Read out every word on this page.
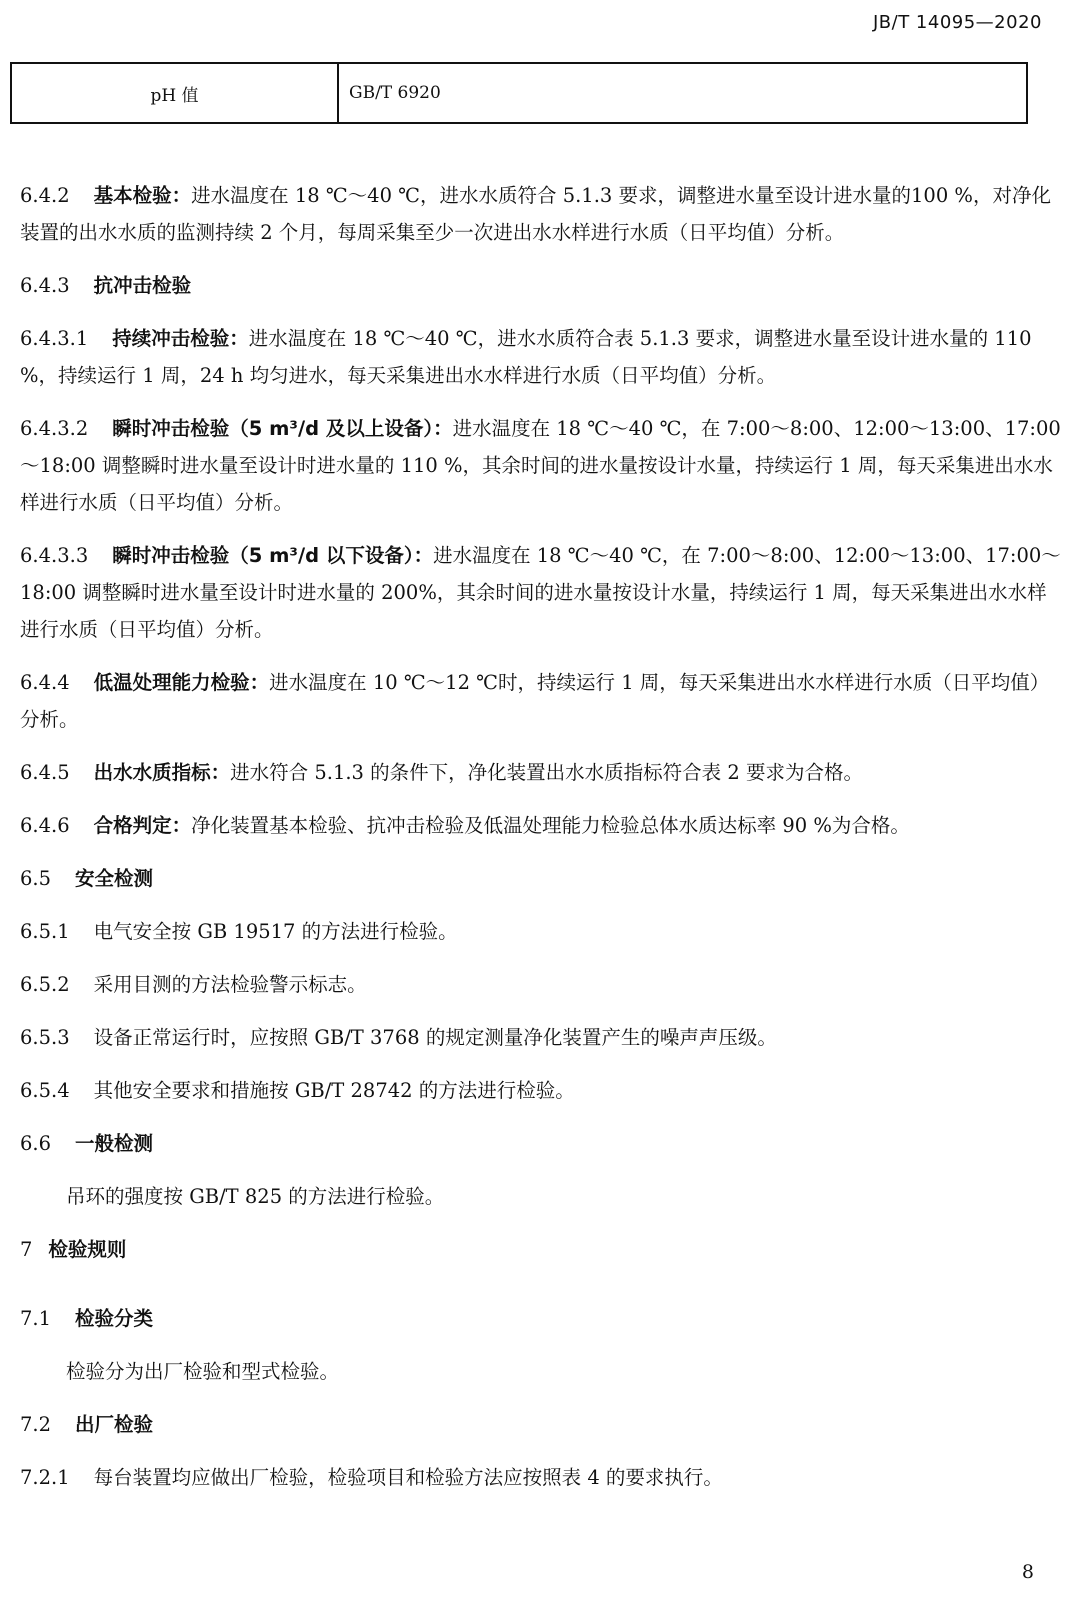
JB/T 14095—2020
pH 值	GB/T 6920

6.4.2 基本检验：进水温度在 18 ℃～40 ℃，进水水质符合 5.1.3 要求，调整进水量至设计进水量的100 %，对净化装置的出水水质的监测持续 2 个月，每周采集至少一次进出水水样进行水质（日平均值）分析。

6.4.3 抗冲击检验

6.4.3.1 持续冲击检验：进水温度在 18 ℃～40 ℃，进水水质符合表 5.1.3 要求，调整进水量至设计进水量的 110 %，持续运行 1 周，24 h 均匀进水，每天采集进出水水样进行水质（日平均值）分析。

6.4.3.2 瞬时冲击检验（5 m³/d 及以上设备）：进水温度在 18 ℃～40 ℃，在 7:00～8:00、12:00～13:00、17:00～18:00 调整瞬时进水量至设计时进水量的 110 %，其余时间的进水量按设计水量，持续运行 1 周，每天采集进出水水样进行水质（日平均值）分析。

6.4.3.3 瞬时冲击检验（5 m³/d 以下设备）：进水温度在 18 ℃～40 ℃，在 7:00～8:00、12:00～13:00、17:00～18:00 调整瞬时进水量至设计时进水量的 200%，其余时间的进水量按设计水量，持续运行 1 周，每天采集进出水水样进行水质（日平均值）分析。

6.4.4 低温处理能力检验：进水温度在 10 ℃～12 ℃时，持续运行 1 周，每天采集进出水水样进行水质（日平均值）分析。

6.4.5 出水水质指标：进水符合 5.1.3 的条件下，净化装置出水水质指标符合表 2 要求为合格。

6.4.6 合格判定：净化装置基本检验、抗冲击检验及低温处理能力检验总体水质达标率 90 %为合格。

6.5 安全检测

6.5.1 电气安全按 GB 19517 的方法进行检验。

6.5.2 采用目测的方法检验警示标志。

6.5.3 设备正常运行时，应按照 GB/T 3768 的规定测量净化装置产生的噪声声压级。

6.5.4 其他安全要求和措施按 GB/T 28742 的方法进行检验。

6.6 一般检测

吊环的强度按 GB/T 825 的方法进行检验。

7 检验规则

7.1 检验分类

检验分为出厂检验和型式检验。

7.2 出厂检验

7.2.1 每台装置均应做出厂检验，检验项目和检验方法应按照表 4 的要求执行。

8
